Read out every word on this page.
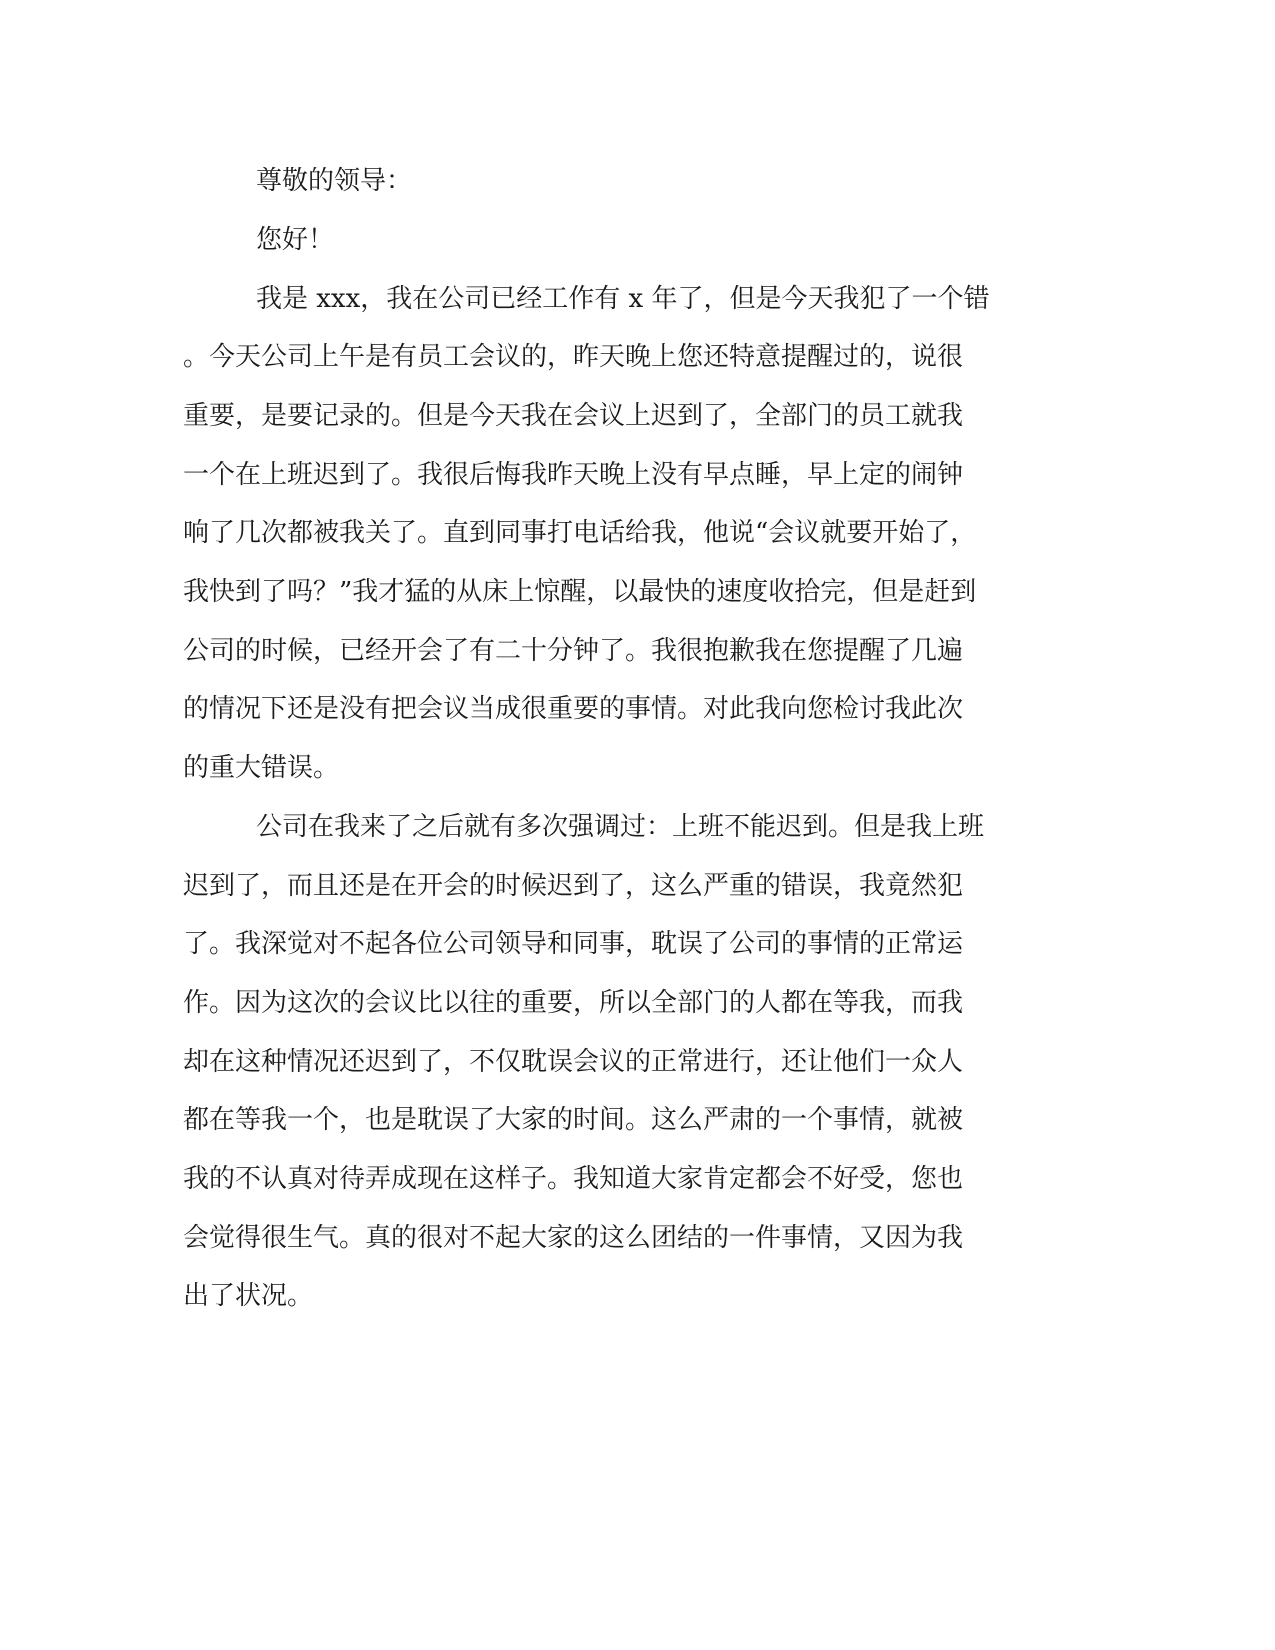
尊敬的领导：
您好！
我是 xxx，我在公司已经工作有 x 年了，但是今天我犯了一个错
。今天公司上午是有员工会议的，昨天晚上您还特意提醒过的，说很
重要，是要记录的。但是今天我在会议上迟到了，全部门的员工就我
一个在上班迟到了。我很后悔我昨天晚上没有早点睡，早上定的闹钟
响了几次都被我关了。直到同事打电话给我，他说“会议就要开始了，
我快到了吗？”我才猛的从床上惊醒，以最快的速度收拾完，但是赶到
公司的时候，已经开会了有二十分钟了。我很抱歉我在您提醒了几遍
的情况下还是没有把会议当成很重要的事情。对此我向您检讨我此次
的重大错误。
公司在我来了之后就有多次强调过：上班不能迟到。但是我上班
迟到了，而且还是在开会的时候迟到了，这么严重的错误，我竟然犯
了。我深觉对不起各位公司领导和同事，耽误了公司的事情的正常运
作。因为这次的会议比以往的重要，所以全部门的人都在等我，而我
却在这种情况还迟到了，不仅耽误会议的正常进行，还让他们一众人
都在等我一个，也是耽误了大家的时间。这么严肃的一个事情，就被
我的不认真对待弄成现在这样子。我知道大家肯定都会不好受，您也
会觉得很生气。真的很对不起大家的这么团结的一件事情，又因为我
出了状况。
